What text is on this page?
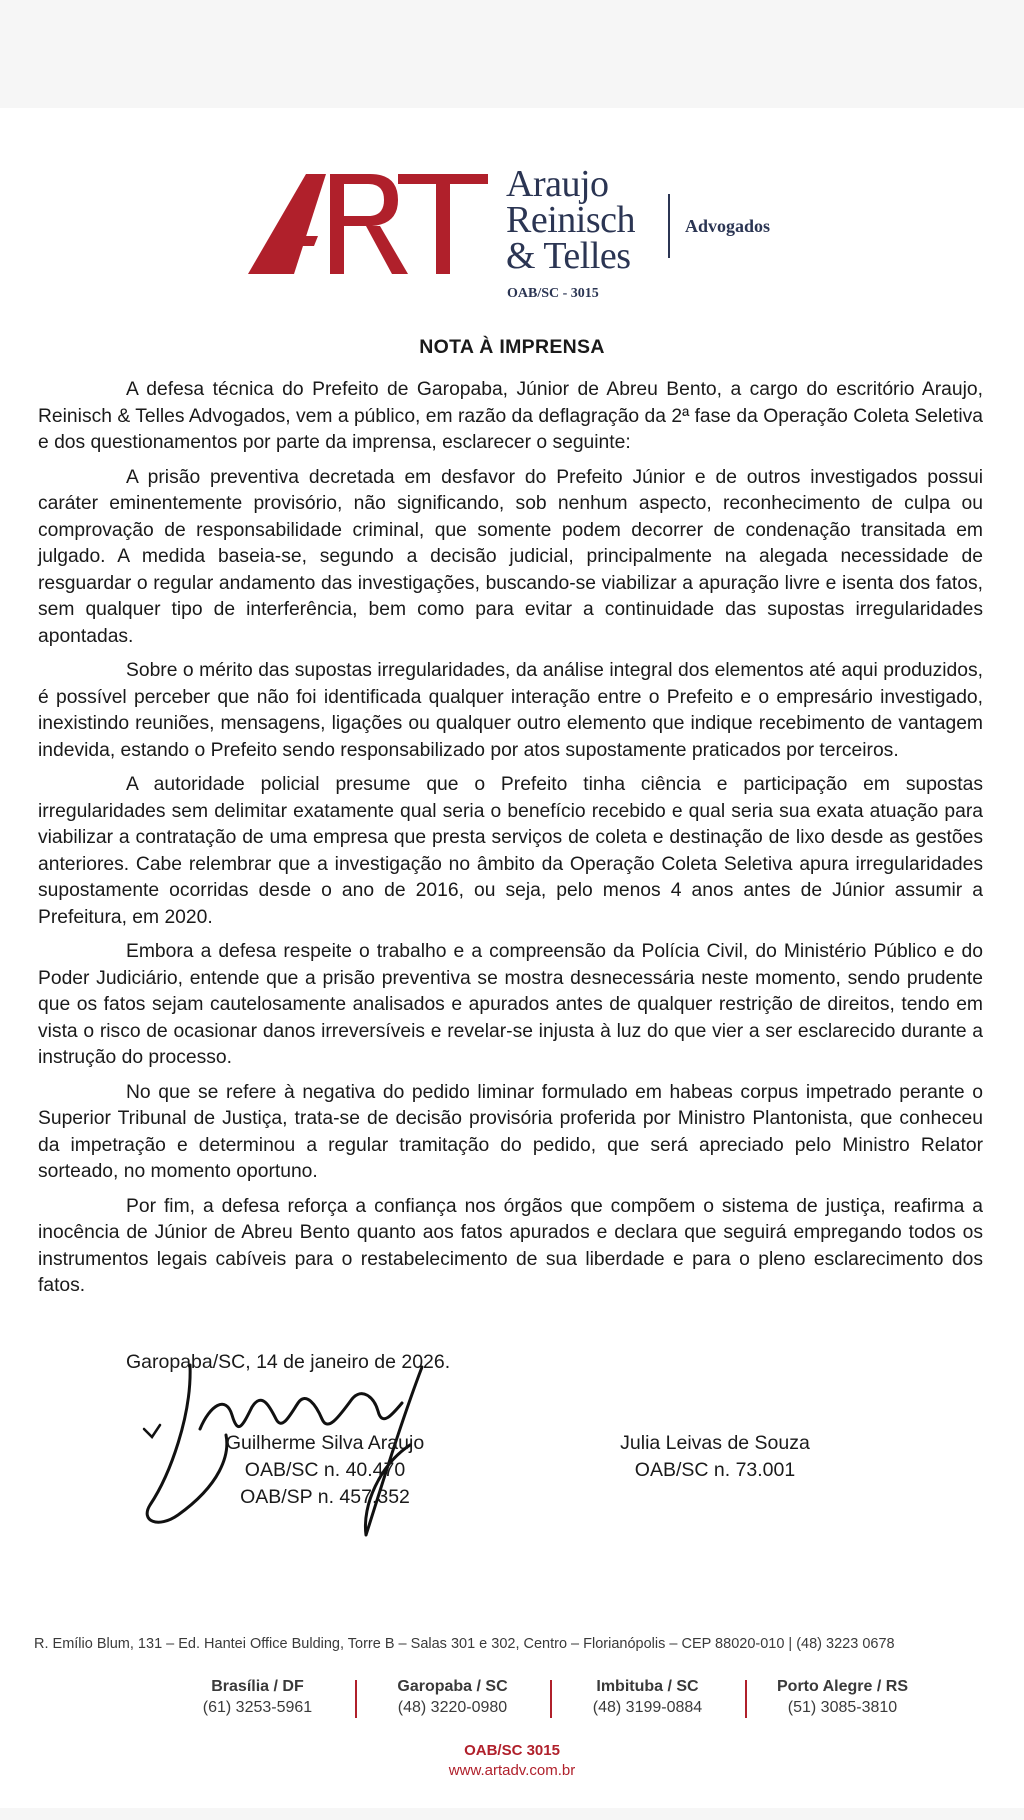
Araujo
Reinisch
& Telles
Advogados
OAB/SC - 3015
NOTA À IMPRENSA

A defesa técnica do Prefeito de Garopaba, Júnior de Abreu Bento, a cargo do escritório Araujo, Reinisch & Telles Advogados, vem a público, em razão da deflagração da 2ª fase da Operação Coleta Seletiva e dos questionamentos por parte da imprensa, esclarecer o seguinte:

A prisão preventiva decretada em desfavor do Prefeito Júnior e de outros investigados possui caráter eminentemente provisório, não significando, sob nenhum aspecto, reconhecimento de culpa ou comprovação de responsabilidade criminal, que somente podem decorrer de condenação transitada em julgado. A medida baseia-se, segundo a decisão judicial, principalmente na alegada necessidade de resguardar o regular andamento das investigações, buscando-se viabilizar a apuração livre e isenta dos fatos, sem qualquer tipo de interferência, bem como para evitar a continuidade das supostas irregularidades apontadas.

Sobre o mérito das supostas irregularidades, da análise integral dos elementos até aqui produzidos, é possível perceber que não foi identificada qualquer interação entre o Prefeito e o empresário investigado, inexistindo reuniões, mensagens, ligações ou qualquer outro elemento que indique recebimento de vantagem indevida, estando o Prefeito sendo responsabilizado por atos supostamente praticados por terceiros.

A autoridade policial presume que o Prefeito tinha ciência e participação em supostas irregularidades sem delimitar exatamente qual seria o benefício recebido e qual seria sua exata atuação para viabilizar a contratação de uma empresa que presta serviços de coleta e destinação de lixo desde as gestões anteriores. Cabe relembrar que a investigação no âmbito da Operação Coleta Seletiva apura irregularidades supostamente ocorridas desde o ano de 2016, ou seja, pelo menos 4 anos antes de Júnior assumir a Prefeitura, em 2020.

Embora a defesa respeite o trabalho e a compreensão da Polícia Civil, do Ministério Público e do Poder Judiciário, entende que a prisão preventiva se mostra desnecessária neste momento, sendo prudente que os fatos sejam cautelosamente analisados e apurados antes de qualquer restrição de direitos, tendo em vista o risco de ocasionar danos irreversíveis e revelar-se injusta à luz do que vier a ser esclarecido durante a instrução do processo.

No que se refere à negativa do pedido liminar formulado em habeas corpus impetrado perante o Superior Tribunal de Justiça, trata-se de decisão provisória proferida por Ministro Plantonista, que conheceu da impetração e determinou a regular tramitação do pedido, que será apreciado pelo Ministro Relator sorteado, no momento oportuno.

Por fim, a defesa reforça a confiança nos órgãos que compõem o sistema de justiça, reafirma a inocência de Júnior de Abreu Bento quanto aos fatos apurados e declara que seguirá empregando todos os instrumentos legais cabíveis para o restabelecimento de sua liberdade e para o pleno esclarecimento dos fatos.

Garopaba/SC, 14 de janeiro de 2026.
Guilherme Silva Araujo
OAB/SC n. 40.470
OAB/SP n. 457.352
Julia Leivas de Souza
OAB/SC n. 73.001
R. Emílio Blum, 131 – Ed. Hantei Office Bulding, Torre B – Salas 301 e 302, Centro – Florianópolis – CEP 88020-010 | (48) 3223 0678
Brasília / DF
(61) 3253-5961
Garopaba / SC
(48) 3220-0980
Imbituba / SC
(48) 3199-0884
Porto Alegre / RS
(51) 3085-3810
OAB/SC 3015
www.artadv.com.br
